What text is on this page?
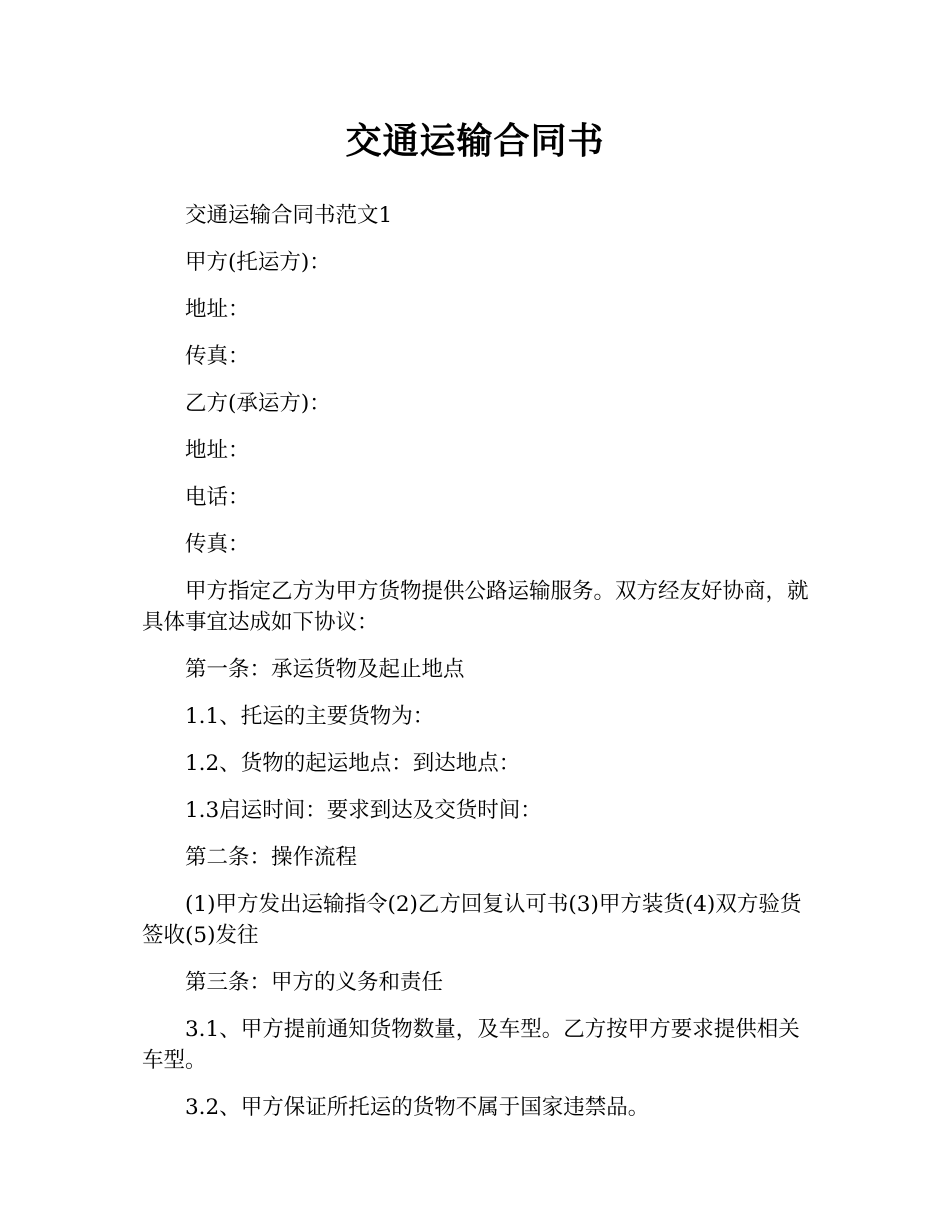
交通运输合同书

交通运输合同书范文1

甲方(托运方)：

地址：

传真：

乙方(承运方)：

地址：

电话：

传真：

甲方指定乙方为甲方货物提供公路运输服务。双方经友好协商，就具体事宜达成如下协议：

第一条：承运货物及起止地点

1.1、托运的主要货物为：

1.2、货物的起运地点：到达地点：

1.3启运时间：要求到达及交货时间：

第二条：操作流程

(1)甲方发出运输指令(2)乙方回复认可书(3)甲方装货(4)双方验货签收(5)发往

第三条：甲方的义务和责任

3.1、甲方提前通知货物数量，及车型。乙方按甲方要求提供相关车型。

3.2、甲方保证所托运的货物不属于国家违禁品。
